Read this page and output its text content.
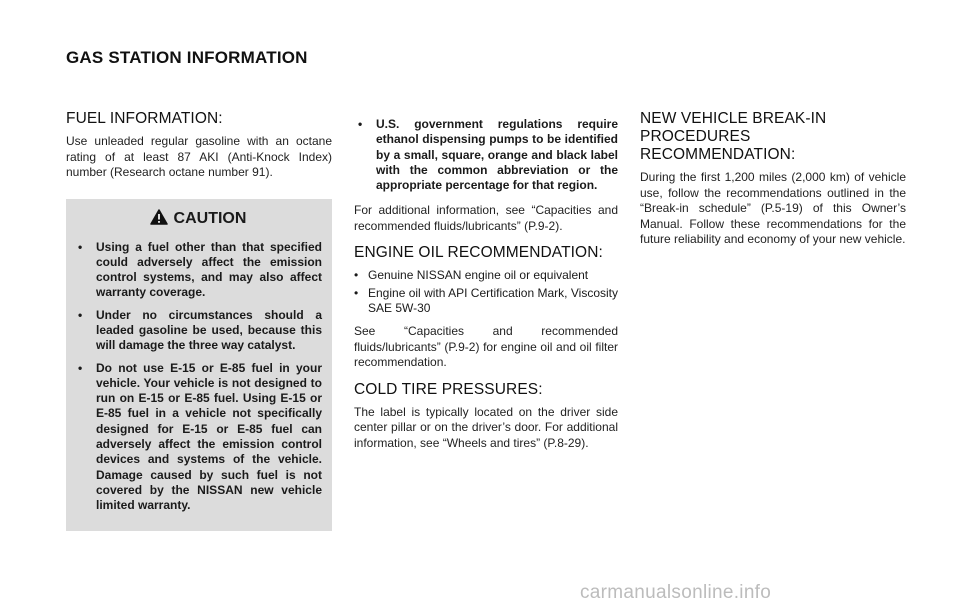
GAS STATION INFORMATION
FUEL INFORMATION:

Use unleaded regular gasoline with an octane rating of at least 87 AKI (Anti-Knock Index) number (Research octane number 91).

CAUTION
• Using a fuel other than that specified could adversely affect the emission control systems, and may also affect warranty coverage.
• Under no circumstances should a leaded gasoline be used, because this will damage the three way catalyst.
• Do not use E-15 or E-85 fuel in your vehicle. Your vehicle is not designed to run on E-15 or E-85 fuel. Using E-15 or E-85 fuel in a vehicle not specifically designed for E-15 or E-85 fuel can adversely affect the emission control devices and systems of the vehicle. Damage caused by such fuel is not covered by the NISSAN new vehicle limited warranty.
• U.S. government regulations require ethanol dispensing pumps to be identified by a small, square, orange and black label with the common abbreviation or the appropriate percentage for that region.

For additional information, see “Capacities and recommended fluids/lubricants” (P.9-2).

ENGINE OIL RECOMMENDATION:
• Genuine NISSAN engine oil or equivalent
• Engine oil with API Certification Mark, Viscosity SAE 5W-30

See “Capacities and recommended fluids/lubricants” (P.9-2) for engine oil and oil filter recommendation.

COLD TIRE PRESSURES:

The label is typically located on the driver side center pillar or on the driver’s door. For additional information, see “Wheels and tires” (P.8-29).

NEW VEHICLE BREAK-IN PROCEDURES RECOMMENDATION:

During the first 1,200 miles (2,000 km) of vehicle use, follow the recommendations outlined in the “Break-in schedule” (P.5-19) of this Owner’s Manual. Follow these recommendations for the future reliability and economy of your new vehicle.

carmanualsonline.info
